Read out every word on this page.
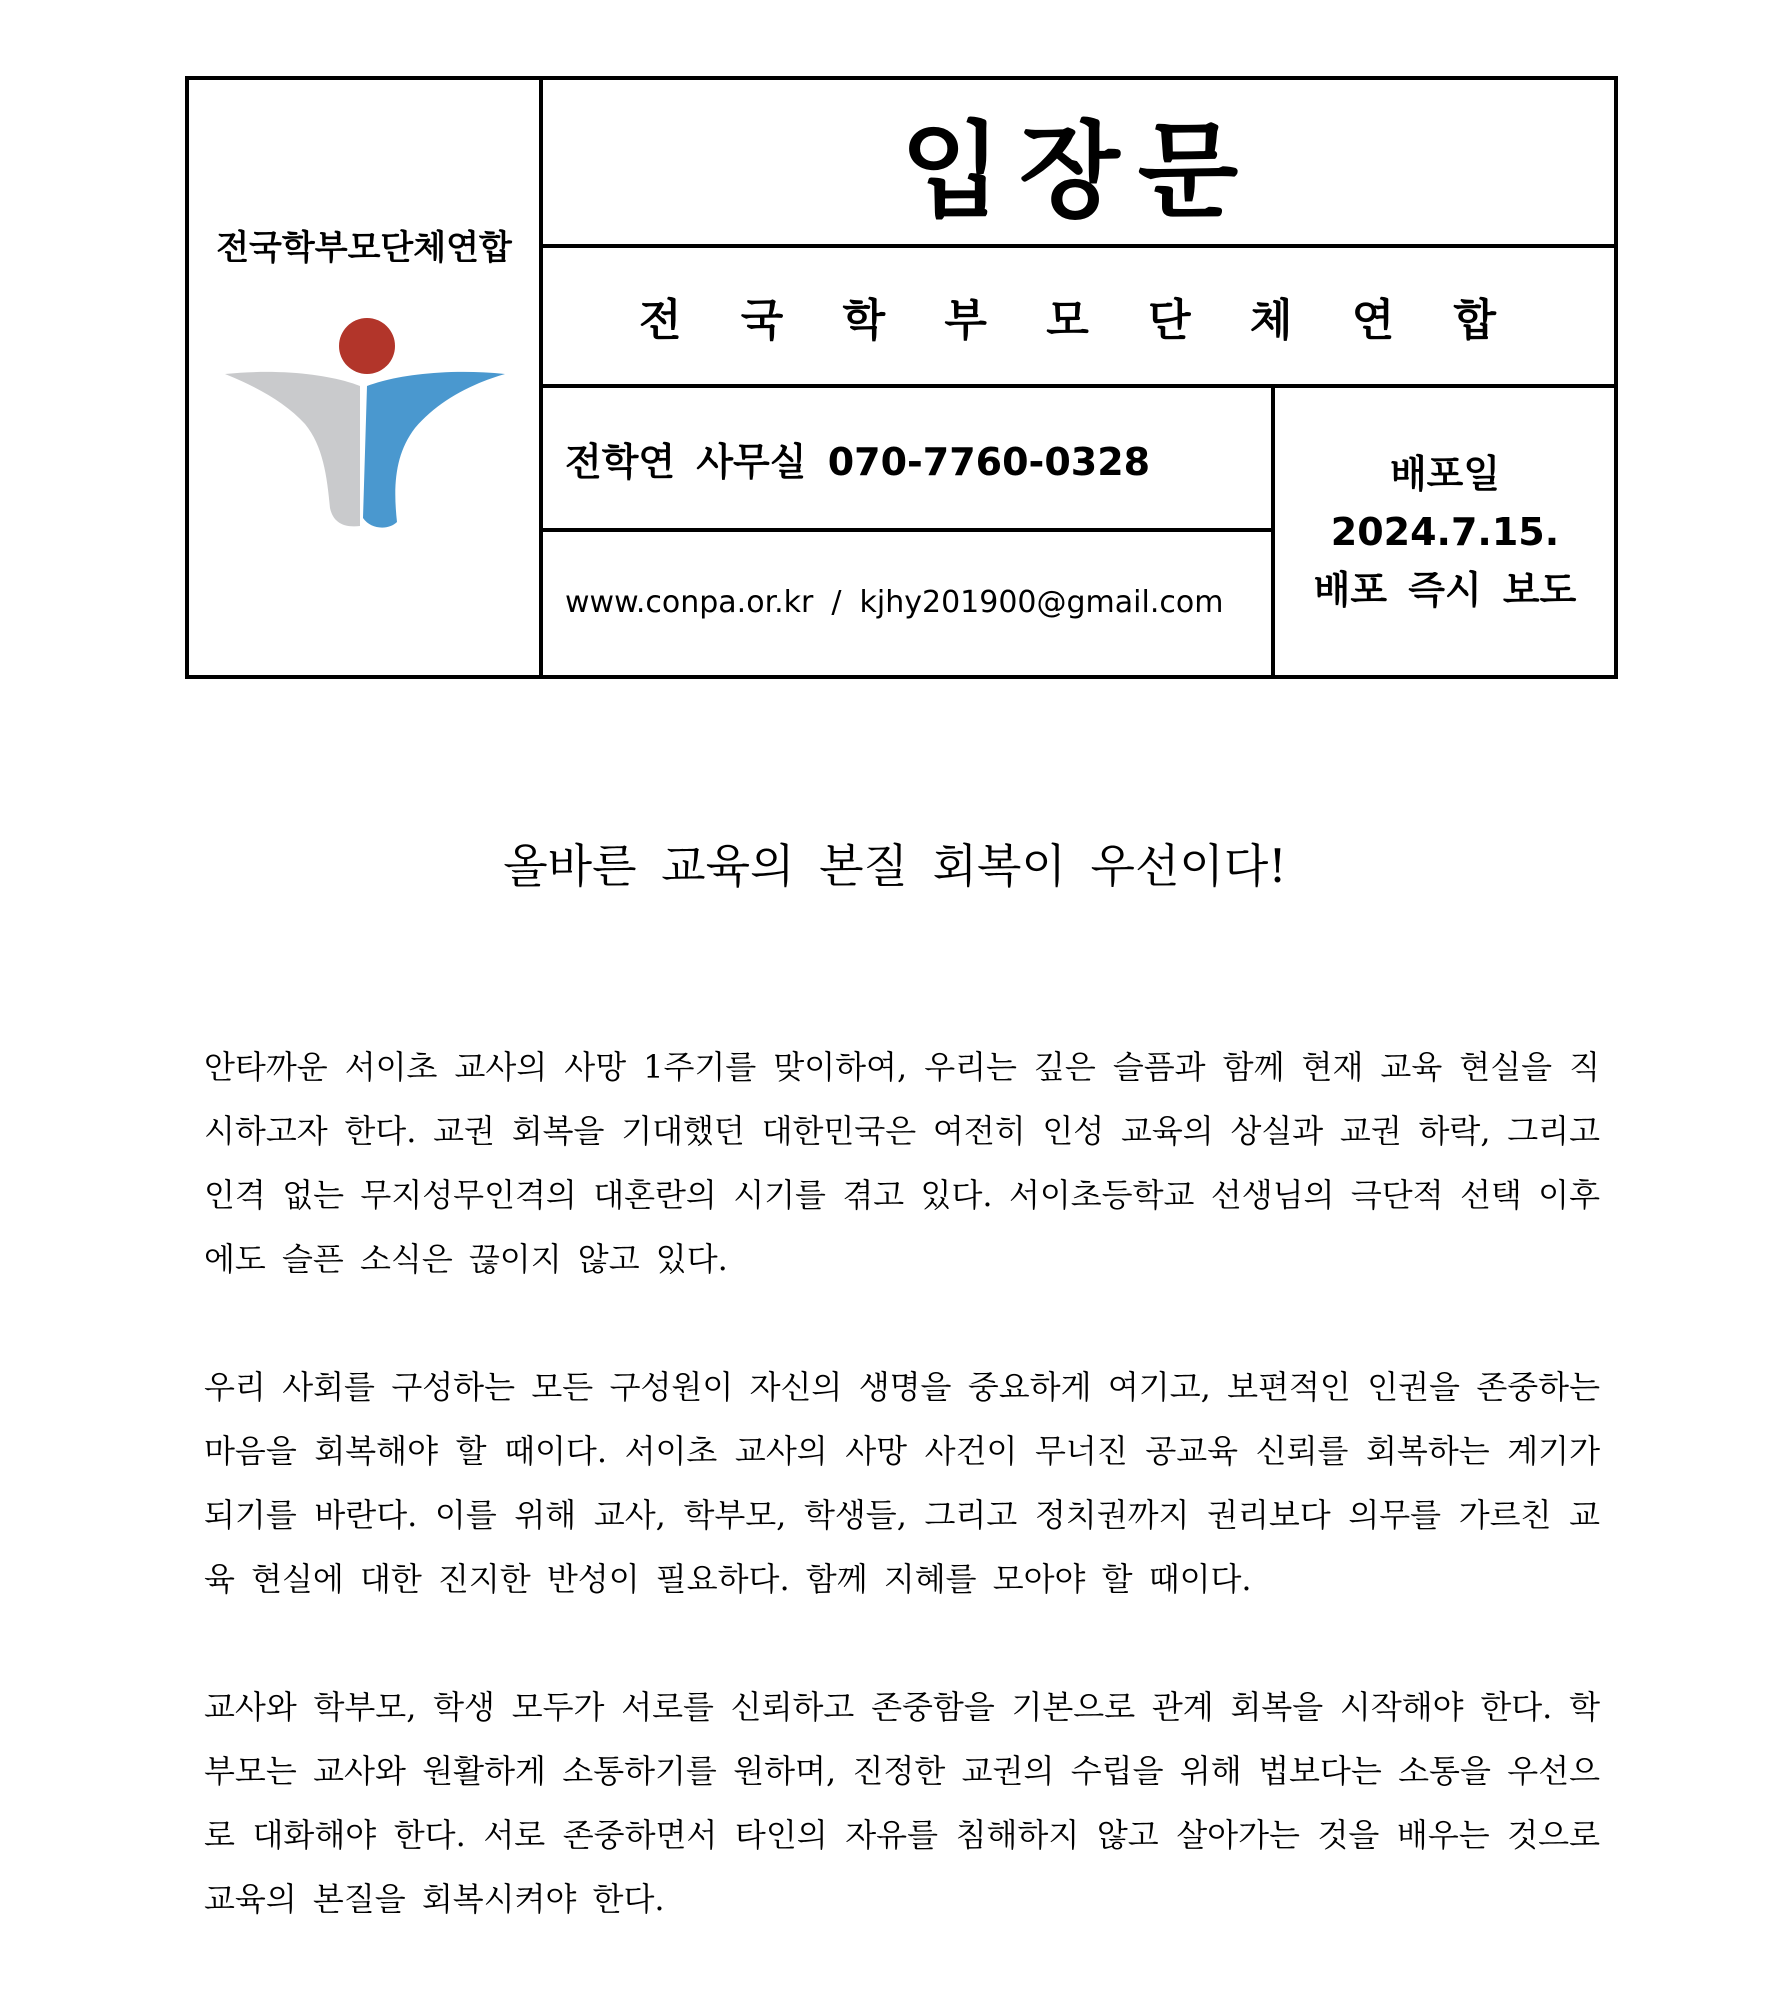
전국학부모단체연합
입장문
전 국 학 부 모 단 체 연 합
전학연 사무실 070-7760-0328
www.conpa.or.kr / kjhy201900@gmail.com
배포일
2024.7.15.
배포 즉시 보도
올바른 교육의 본질 회복이 우선이다!

안타까운 서이초 교사의 사망 1주기를 맞이하여, 우리는 깊은 슬픔과 함께 현재 교육 현실을 직시하고자 한다. 교권 회복을 기대했던 대한민국은 여전히 인성 교육의 상실과 교권 하락, 그리고 인격 없는 무지성무인격의 대혼란의 시기를 겪고 있다. 서이초등학교 선생님의 극단적 선택 이후에도 슬픈 소식은 끊이지 않고 있다.

우리 사회를 구성하는 모든 구성원이 자신의 생명을 중요하게 여기고, 보편적인 인권을 존중하는 마음을 회복해야 할 때이다. 서이초 교사의 사망 사건이 무너진 공교육 신뢰를 회복하는 계기가 되기를 바란다. 이를 위해 교사, 학부모, 학생들, 그리고 정치권까지 권리보다 의무를 가르친 교육 현실에 대한 진지한 반성이 필요하다. 함께 지혜를 모아야 할 때이다.

교사와 학부모, 학생 모두가 서로를 신뢰하고 존중함을 기본으로 관계 회복을 시작해야 한다. 학부모는 교사와 원활하게 소통하기를 원하며, 진정한 교권의 수립을 위해 법보다는 소통을 우선으로 대화해야 한다. 서로 존중하면서 타인의 자유를 침해하지 않고 살아가는 것을 배우는 것으로 교육의 본질을 회복시켜야 한다.
